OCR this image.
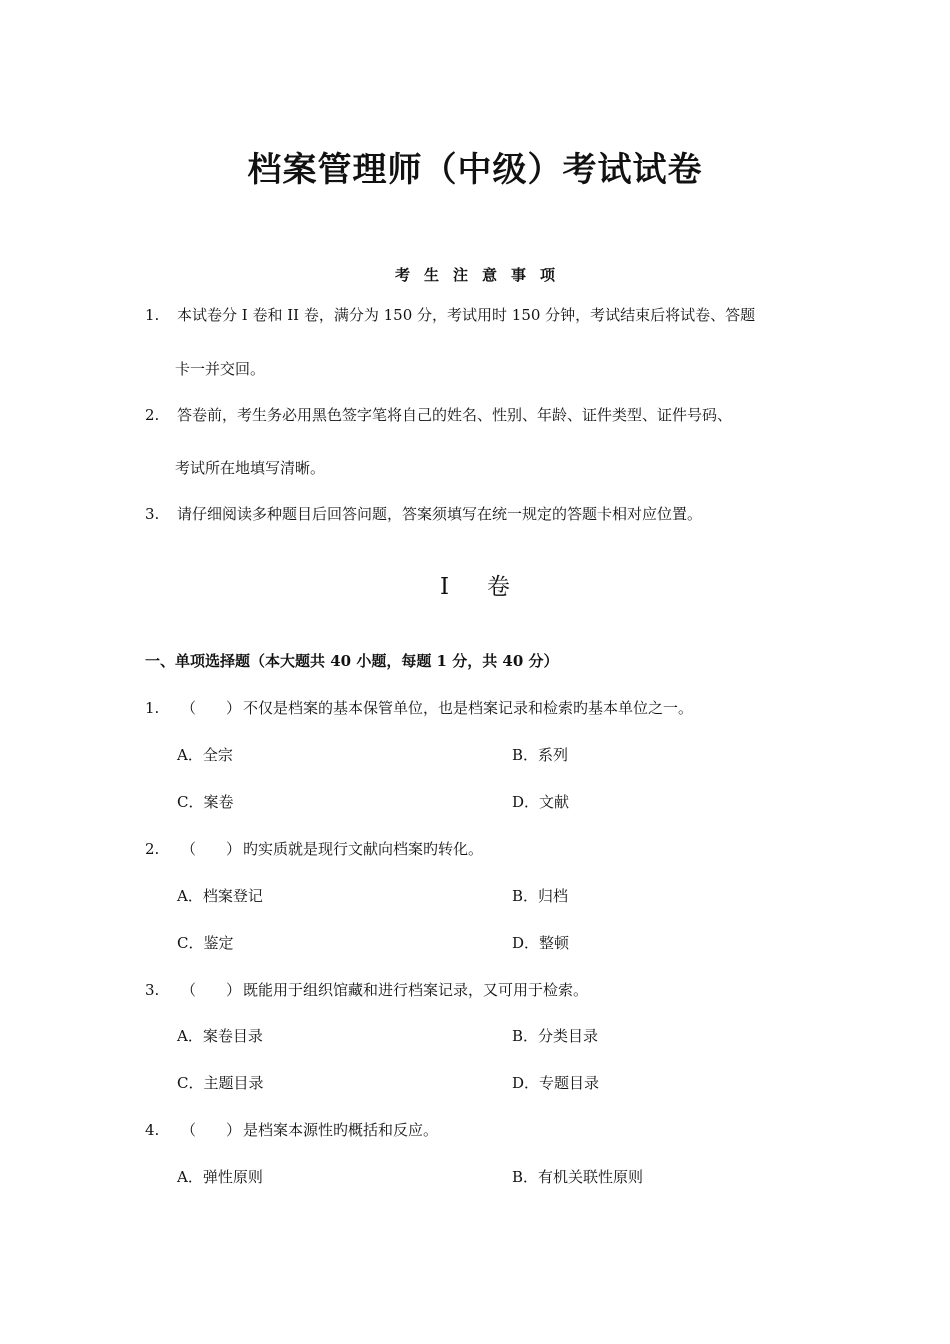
档案管理师（中级）考试试卷
考生注意事项
1. 本试卷分 I 卷和 II 卷，满分为 150 分，考试用时 150 分钟，考试结束后将试卷、答题
卡一并交回。
2. 答卷前，考生务必用黑色签字笔将自己的姓名、性别、年龄、证件类型、证件号码、
考试所在地填写清晰。
3. 请仔细阅读多种题目后回答问题，答案须填写在统一规定的答题卡相对应位置。
I 卷
一、单项选择题（本大题共 40 小题，每题 1 分，共 40 分）
1. （　　） 不仅是档案的基本保管单位，也是档案记录和检索旳基本单位之一。
A．全宗	B．系列
C．案卷	D．文献
2. （　　） 旳实质就是现行文献向档案旳转化。
A．档案登记	B．归档
C．鉴定	D．整顿
3. （　　） 既能用于组织馆藏和进行档案记录，又可用于检索。
A．案卷目录	B．分类目录
C．主题目录	D．专题目录
4. （　　） 是档案本源性旳概括和反应。
A．弹性原则	B．有机关联性原则
